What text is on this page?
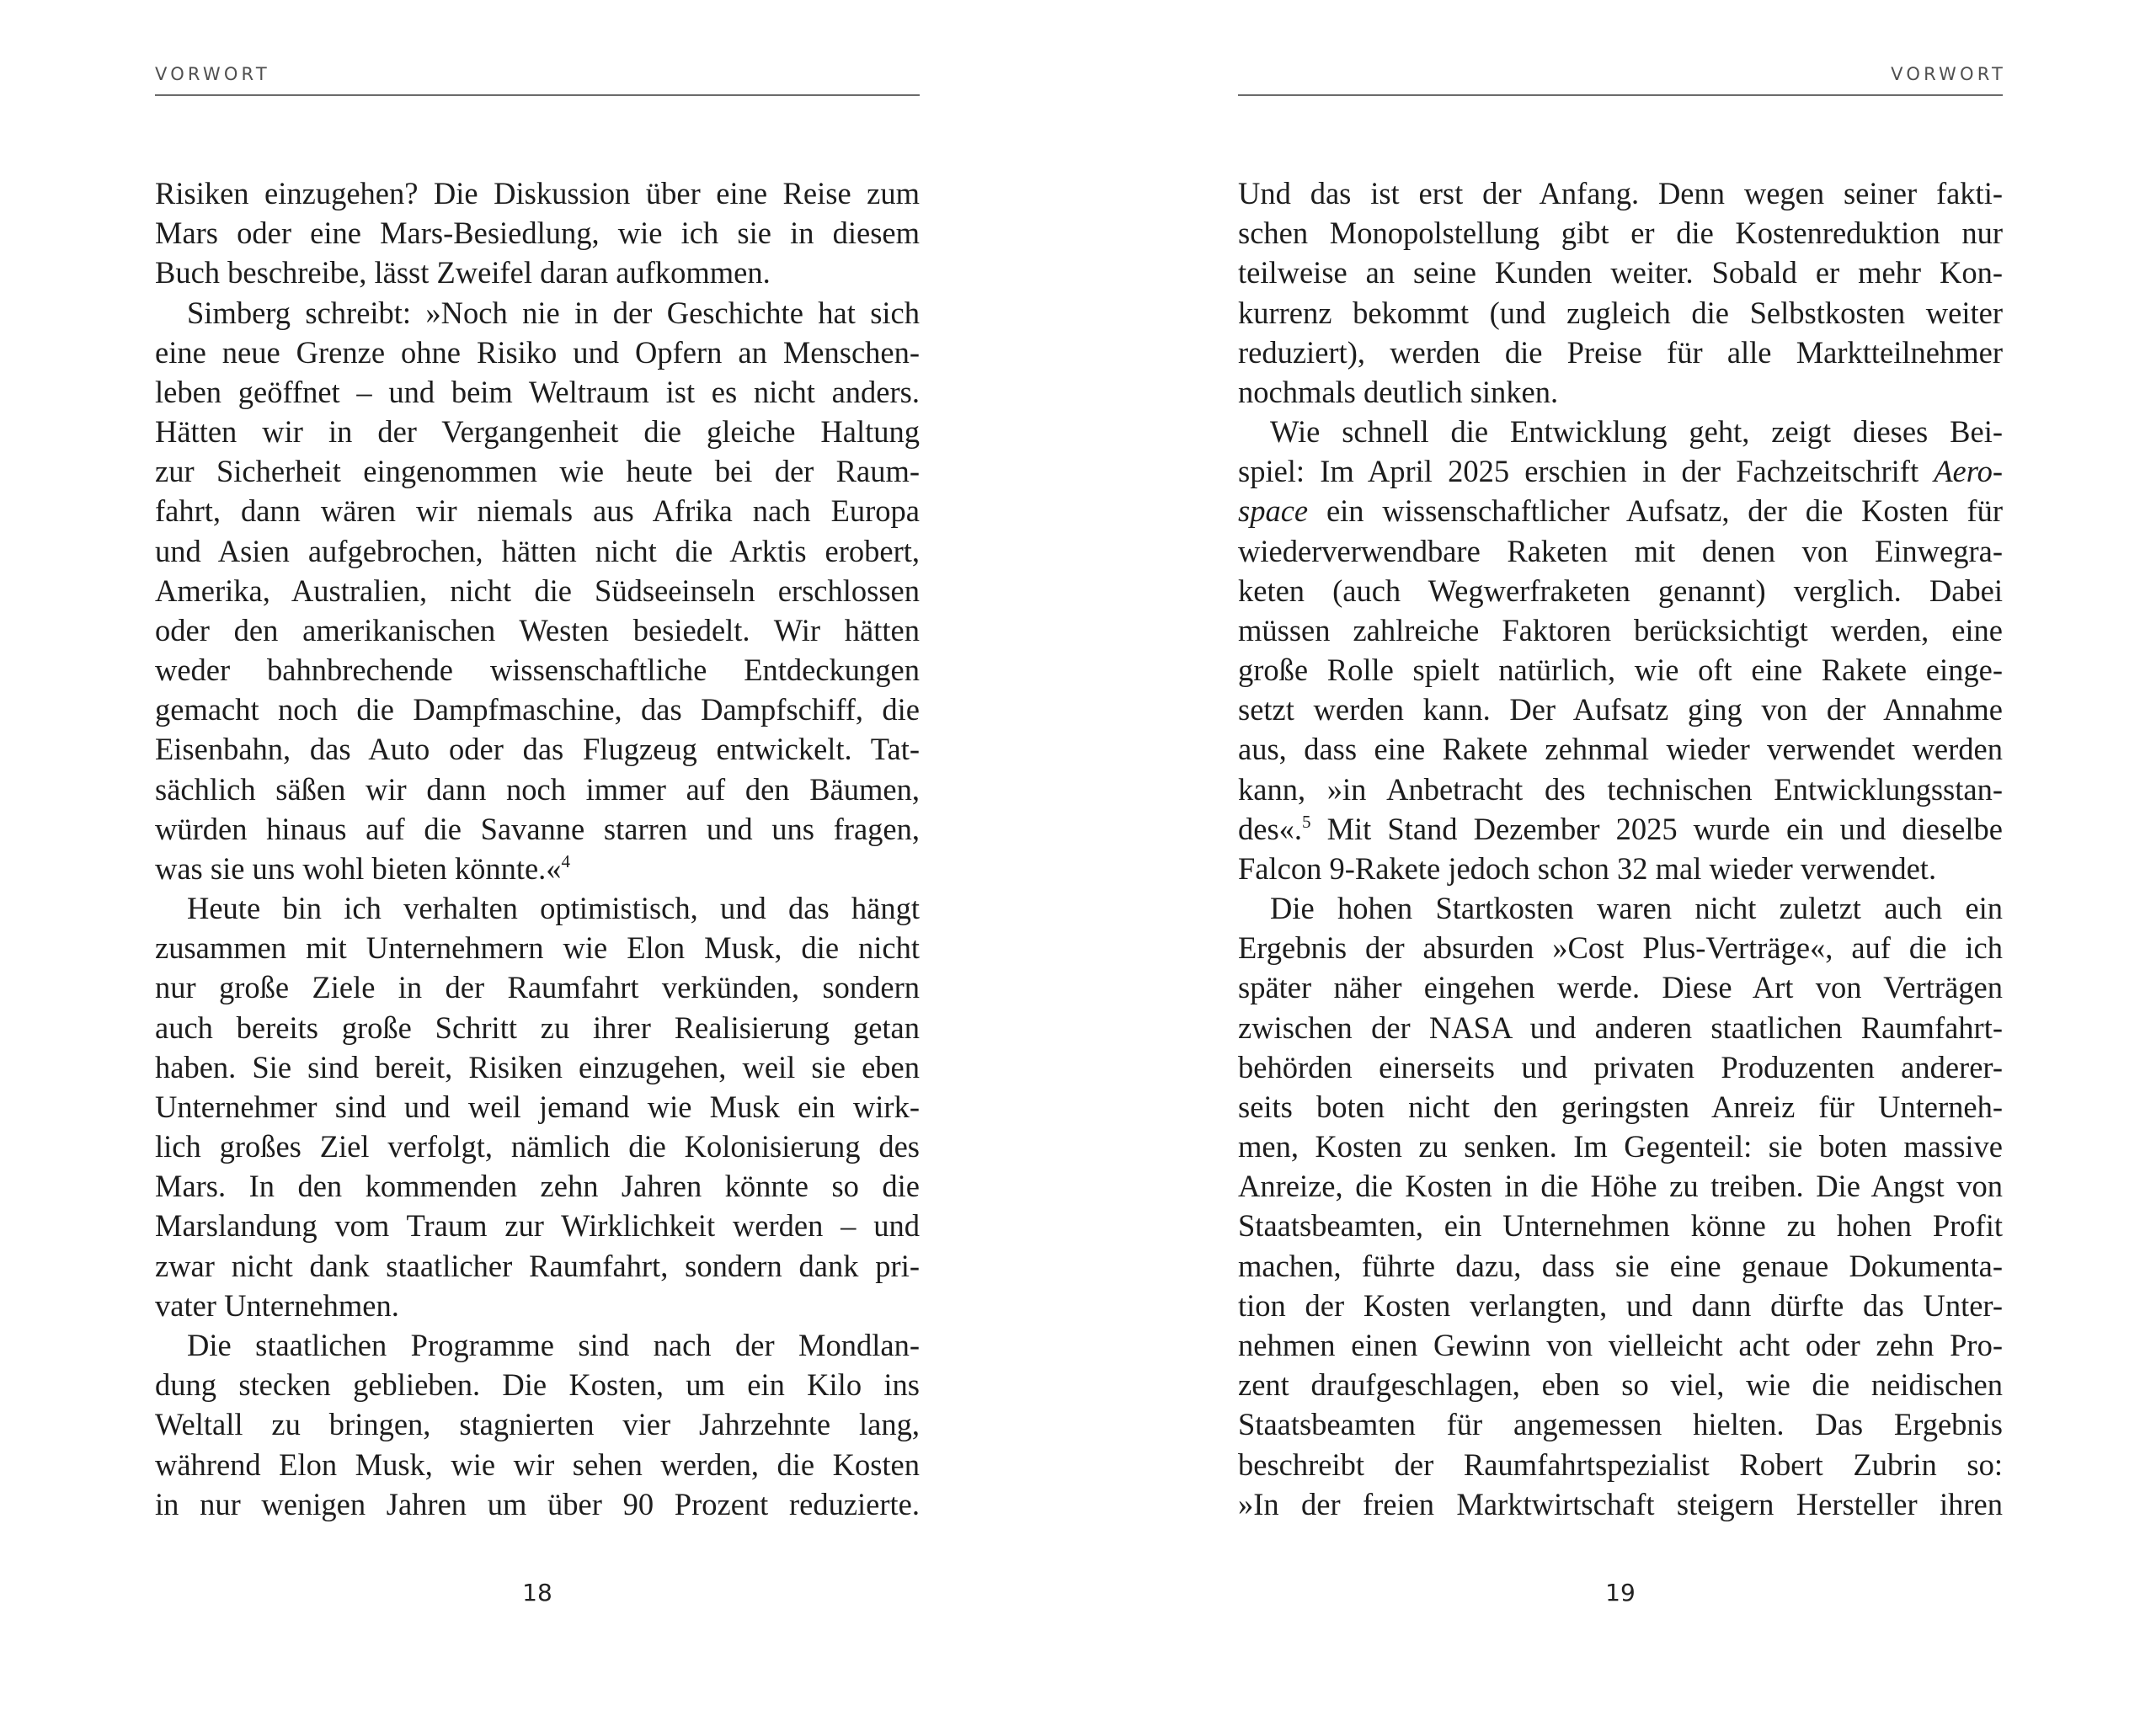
VORWORT
Risiken einzugehen? Die Diskussion über eine Reise zum
Mars oder eine Mars-Besiedlung, wie ich sie in diesem
Buch beschreibe, lässt Zweifel daran aufkommen.
Simberg schreibt: »Noch nie in der Geschichte hat sich
eine neue Grenze ohne Risiko und Opfern an Menschen-
leben geöffnet – und beim Weltraum ist es nicht anders.
Hätten wir in der Vergangenheit die gleiche Haltung
zur Sicherheit eingenommen wie heute bei der Raum-
fahrt, dann wären wir niemals aus Afrika nach Europa
und Asien aufgebrochen, hätten nicht die Arktis erobert,
Amerika, Australien, nicht die Südseeinseln erschlossen
oder den amerikanischen Westen besiedelt. Wir hätten
weder bahnbrechende wissenschaftliche Entdeckungen
gemacht noch die Dampfmaschine, das Dampfschiff, die
Eisenbahn, das Auto oder das Flugzeug entwickelt. Tat-
sächlich säßen wir dann noch immer auf den Bäumen,
würden hinaus auf die Savanne starren und uns fragen,
was sie uns wohl bieten könnte.«$^4$
Heute bin ich verhalten optimistisch, und das hängt
zusammen mit Unternehmern wie Elon Musk, die nicht
nur große Ziele in der Raumfahrt verkünden, sondern
auch bereits große Schritt zu ihrer Realisierung getan
haben. Sie sind bereit, Risiken einzugehen, weil sie eben
Unternehmer sind und weil jemand wie Musk ein wirk-
lich großes Ziel verfolgt, nämlich die Kolonisierung des
Mars. In den kommenden zehn Jahren könnte so die
Marslandung vom Traum zur Wirklichkeit werden – und
zwar nicht dank staatlicher Raumfahrt, sondern dank pri-
vater Unternehmen.
Die staatlichen Programme sind nach der Mondlan-
dung stecken geblieben. Die Kosten, um ein Kilo ins
Weltall zu bringen, stagnierten vier Jahrzehnte lang,
während Elon Musk, wie wir sehen werden, die Kosten
in nur wenigen Jahren um über 90 Prozent reduzierte.
18
VORWORT
Und das ist erst der Anfang. Denn wegen seiner fakti-
schen Monopolstellung gibt er die Kostenreduktion nur
teilweise an seine Kunden weiter. Sobald er mehr Kon-
kurrenz bekommt (und zugleich die Selbstkosten weiter
reduziert), werden die Preise für alle Marktteilnehmer
nochmals deutlich sinken.
Wie schnell die Entwicklung geht, zeigt dieses Bei-
spiel: Im April 2025 erschien in der Fachzeitschrift Aero-
space ein wissenschaftlicher Aufsatz, der die Kosten für
wiederverwendbare Raketen mit denen von Einwegra-
keten (auch Wegwerfraketen genannt) verglich. Dabei
müssen zahlreiche Faktoren berücksichtigt werden, eine
große Rolle spielt natürlich, wie oft eine Rakete einge-
setzt werden kann. Der Aufsatz ging von der Annahme
aus, dass eine Rakete zehnmal wieder verwendet werden
kann, »in Anbetracht des technischen Entwicklungsstan-
des«.$^5$ Mit Stand Dezember 2025 wurde ein und dieselbe
Falcon 9-Rakete jedoch schon 32 mal wieder verwendet.
Die hohen Startkosten waren nicht zuletzt auch ein
Ergebnis der absurden »Cost Plus-Verträge«, auf die ich
später näher eingehen werde. Diese Art von Verträgen
zwischen der NASA und anderen staatlichen Raumfahrt-
behörden einerseits und privaten Produzenten anderer-
seits boten nicht den geringsten Anreiz für Unterneh-
men, Kosten zu senken. Im Gegenteil: sie boten massive
Anreize, die Kosten in die Höhe zu treiben. Die Angst von
Staatsbeamten, ein Unternehmen könne zu hohen Profit
machen, führte dazu, dass sie eine genaue Dokumenta-
tion der Kosten verlangten, und dann dürfte das Unter-
nehmen einen Gewinn von vielleicht acht oder zehn Pro-
zent draufgeschlagen, eben so viel, wie die neidischen
Staatsbeamten für angemessen hielten. Das Ergebnis
beschreibt der Raumfahrtspezialist Robert Zubrin so:
»In der freien Marktwirtschaft steigern Hersteller ihren
19
